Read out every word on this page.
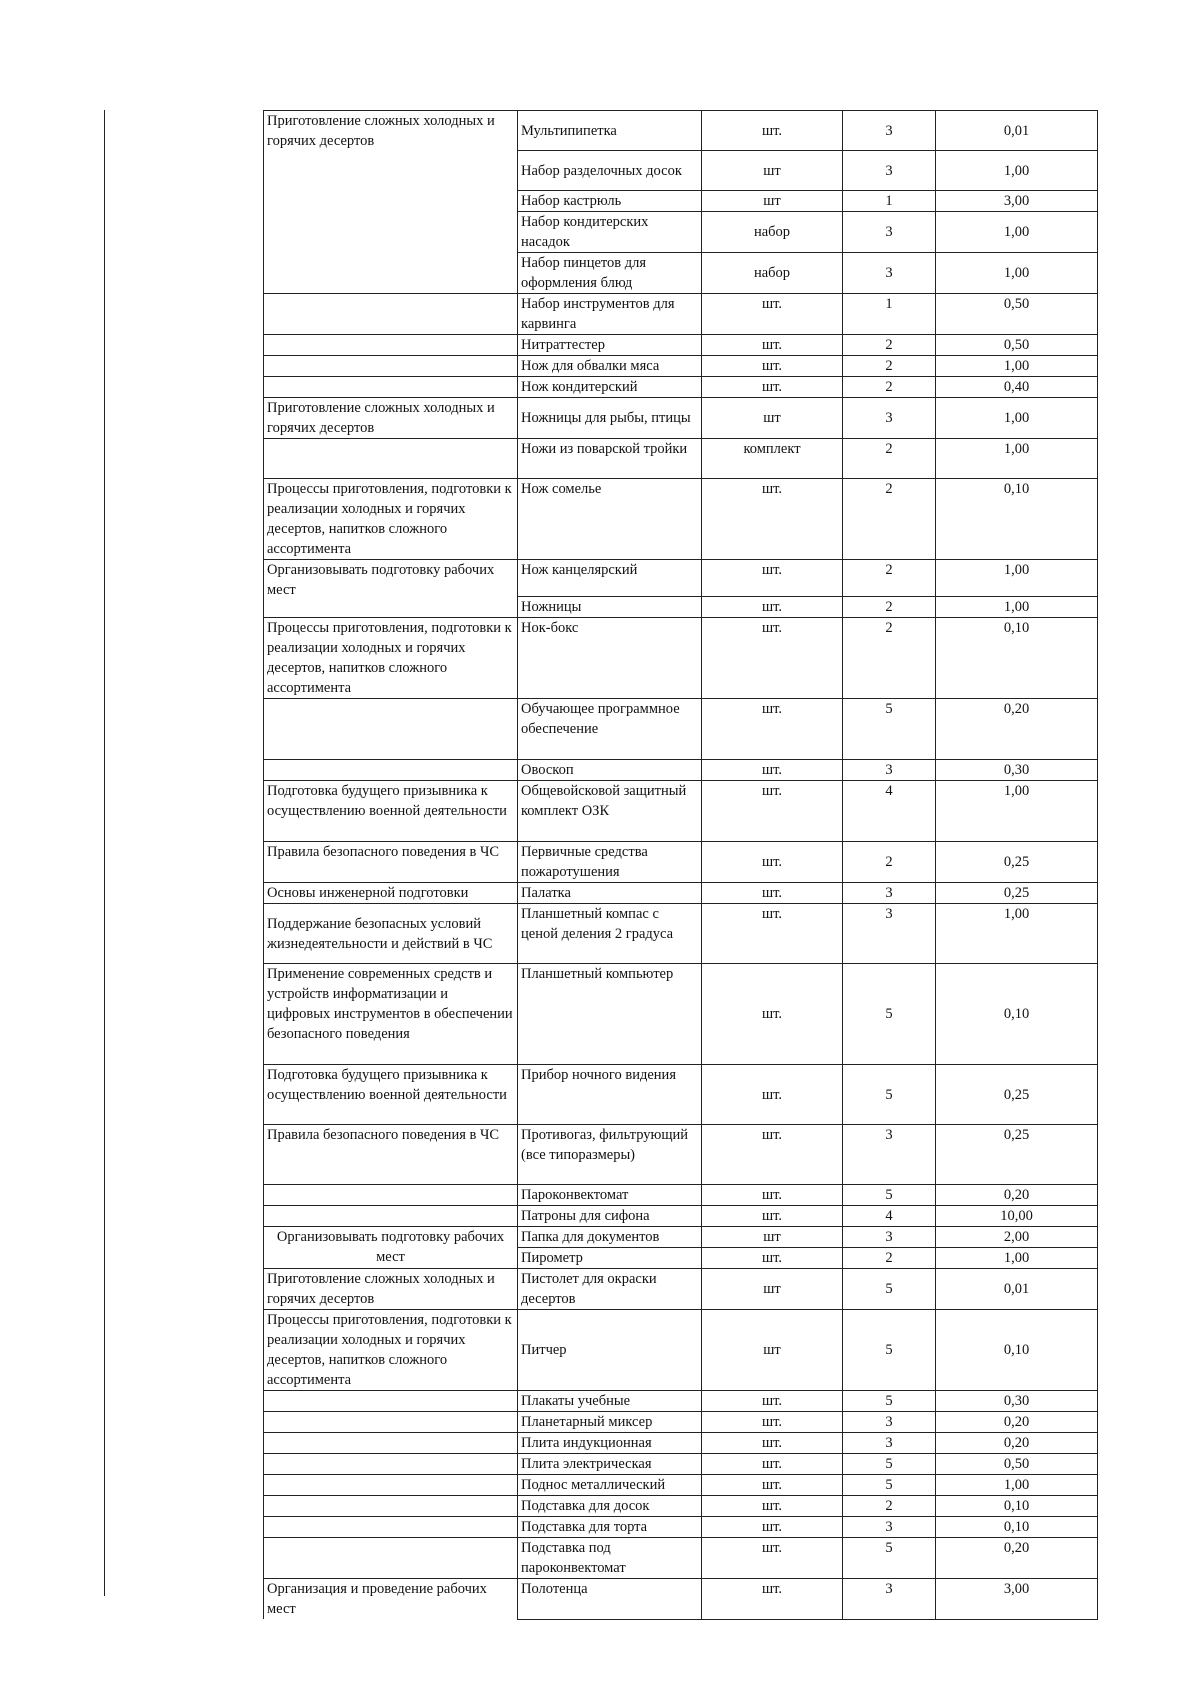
Приготовление сложных холодных и горячих десертов	Мультипипетка	шт.	3	0,01
	Набор разделочных досок	шт	3	1,00
	Набор кастрюль	шт	1	3,00
	Набор кондитерских насадок	набор	3	1,00
	Набор пинцетов для оформления блюд	набор	3	1,00
	Набор инструментов для карвинга	шт.	1	0,50
	Нитраттестер	шт.	2	0,50
	Нож для обвалки мяса	шт.	2	1,00
	Нож кондитерский	шт.	2	0,40
Приготовление сложных холодных и горячих десертов	Ножницы для рыбы, птицы	шт	3	1,00
	Ножи из поварской тройки	комплект	2	1,00
Процессы приготовления, подготовки к реализации холодных и горячих десертов, напитков сложного ассортимента	Нож сомелье	шт.	2	0,10
Организовывать подготовку рабочих мест	Нож канцелярский	шт.	2	1,00
	Ножницы	шт.	2	1,00
Процессы приготовления, подготовки к реализации холодных и горячих десертов, напитков сложного ассортимента	Нок-бокс	шт.	2	0,10
	Обучающее программное обеспечение	шт.	5	0,20
	Овоскоп	шт.	3	0,30
Подготовка будущего призывника к осуществлению военной деятельности	Общевойсковой защитный комплект ОЗК	шт.	4	1,00
Правила безопасного поведения в ЧС	Первичные средства пожаротушения	шт.	2	0,25
Основы инженерной подготовки	Палатка	шт.	3	0,25
Поддержание безопасных условий жизнедеятельности и действий в ЧС	Планшетный компас с ценой деления 2 градуса	шт.	3	1,00
Применение современных средств и устройств информатизации и цифровых инструментов в обеспечении безопасного поведения	Планшетный компьютер	шт.	5	0,10
Подготовка будущего призывника к осуществлению военной деятельности	Прибор ночного видения	шт.	5	0,25
Правила безопасного поведения в ЧС	Противогаз, фильтрующий (все типоразмеры)	шт.	3	0,25
	Пароконвектомат	шт.	5	0,20
	Патроны для сифона	шт.	4	10,00
Организовывать подготовку рабочих мест	Папка для документов	шт	3	2,00
	Пирометр	шт.	2	1,00
Приготовление сложных холодных и горячих десертов	Пистолет для окраски десертов	шт	5	0,01
Процессы приготовления, подготовки к реализации холодных и горячих десертов, напитков сложного ассортимента	Питчер	шт	5	0,10
	Плакаты учебные	шт.	5	0,30
	Планетарный миксер	шт.	3	0,20
	Плита индукционная	шт.	3	0,20
	Плита электрическая	шт.	5	0,50
	Поднос металлический	шт.	5	1,00
	Подставка для досок	шт.	2	0,10
	Подставка для торта	шт.	3	0,10
	Подставка под пароконвектомат	шт.	5	0,20
Организация и проведение рабочих мест	Полотенца	шт.	3	3,00
